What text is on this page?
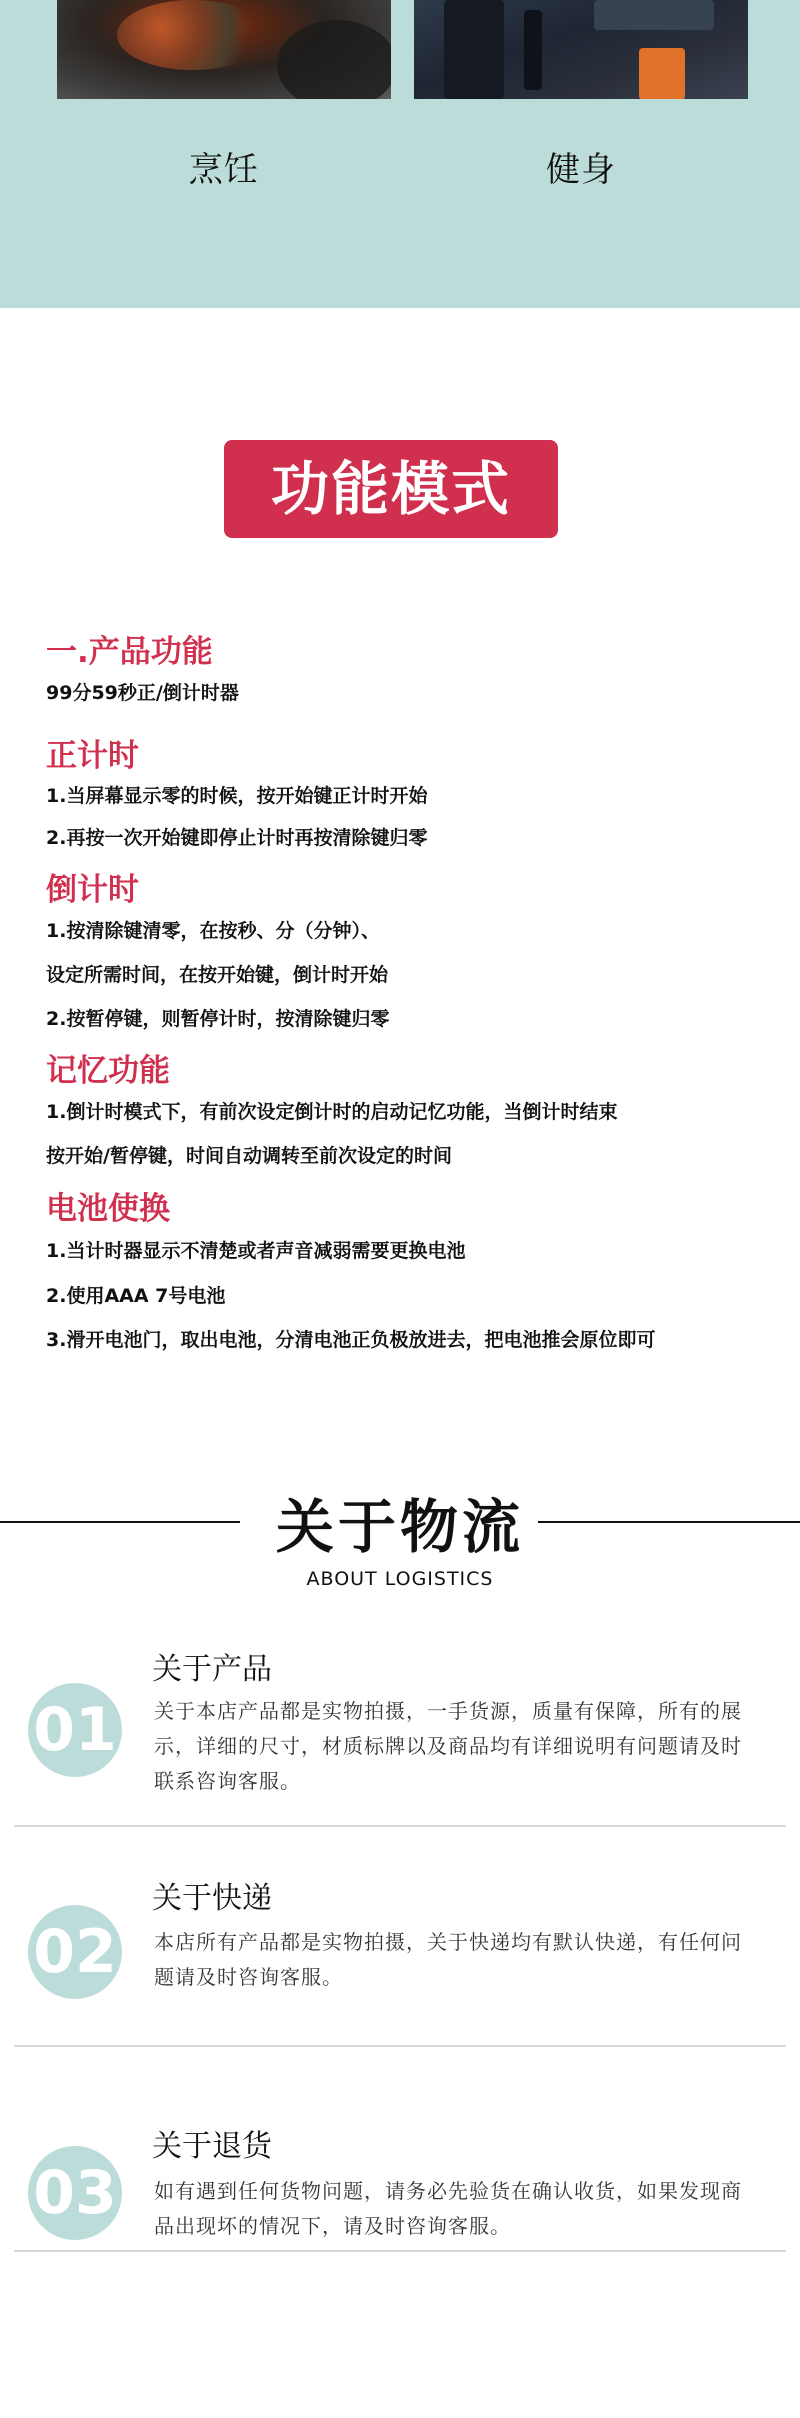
烹饪	健身
功能模式
一.产品功能
99分59秒正/倒计时器
正计时
1.当屏幕显示零的时候，按开始键正计时开始
2.再按一次开始键即停止计时再按清除键归零
倒计时
1.按清除键清零，在按秒、分（分钟）、
设定所需时间，在按开始键，倒计时开始
2.按暂停键，则暂停计时，按清除键归零
记忆功能
1.倒计时模式下，有前次设定倒计时的启动记忆功能，当倒计时结束
按开始/暂停键，时间自动调转至前次设定的时间
电池使换
1.当计时器显示不清楚或者声音减弱需要更换电池
2.使用AAA 7号电池
3.滑开电池门，取出电池，分清电池正负极放进去，把电池推会原位即可
关于物流
ABOUT LOGISTICS
01
关于产品
关于本店产品都是实物拍摄，一手货源，质量有保障，所有的展示，详细的尺寸，材质标牌以及商品均有详细说明有问题请及时联系咨询客服。
02
关于快递
本店所有产品都是实物拍摄，关于快递均有默认快递，有任何问题请及时咨询客服。
03
关于退货
如有遇到任何货物问题，请务必先验货在确认收货，如果发现商品出现坏的情况下，请及时咨询客服。
